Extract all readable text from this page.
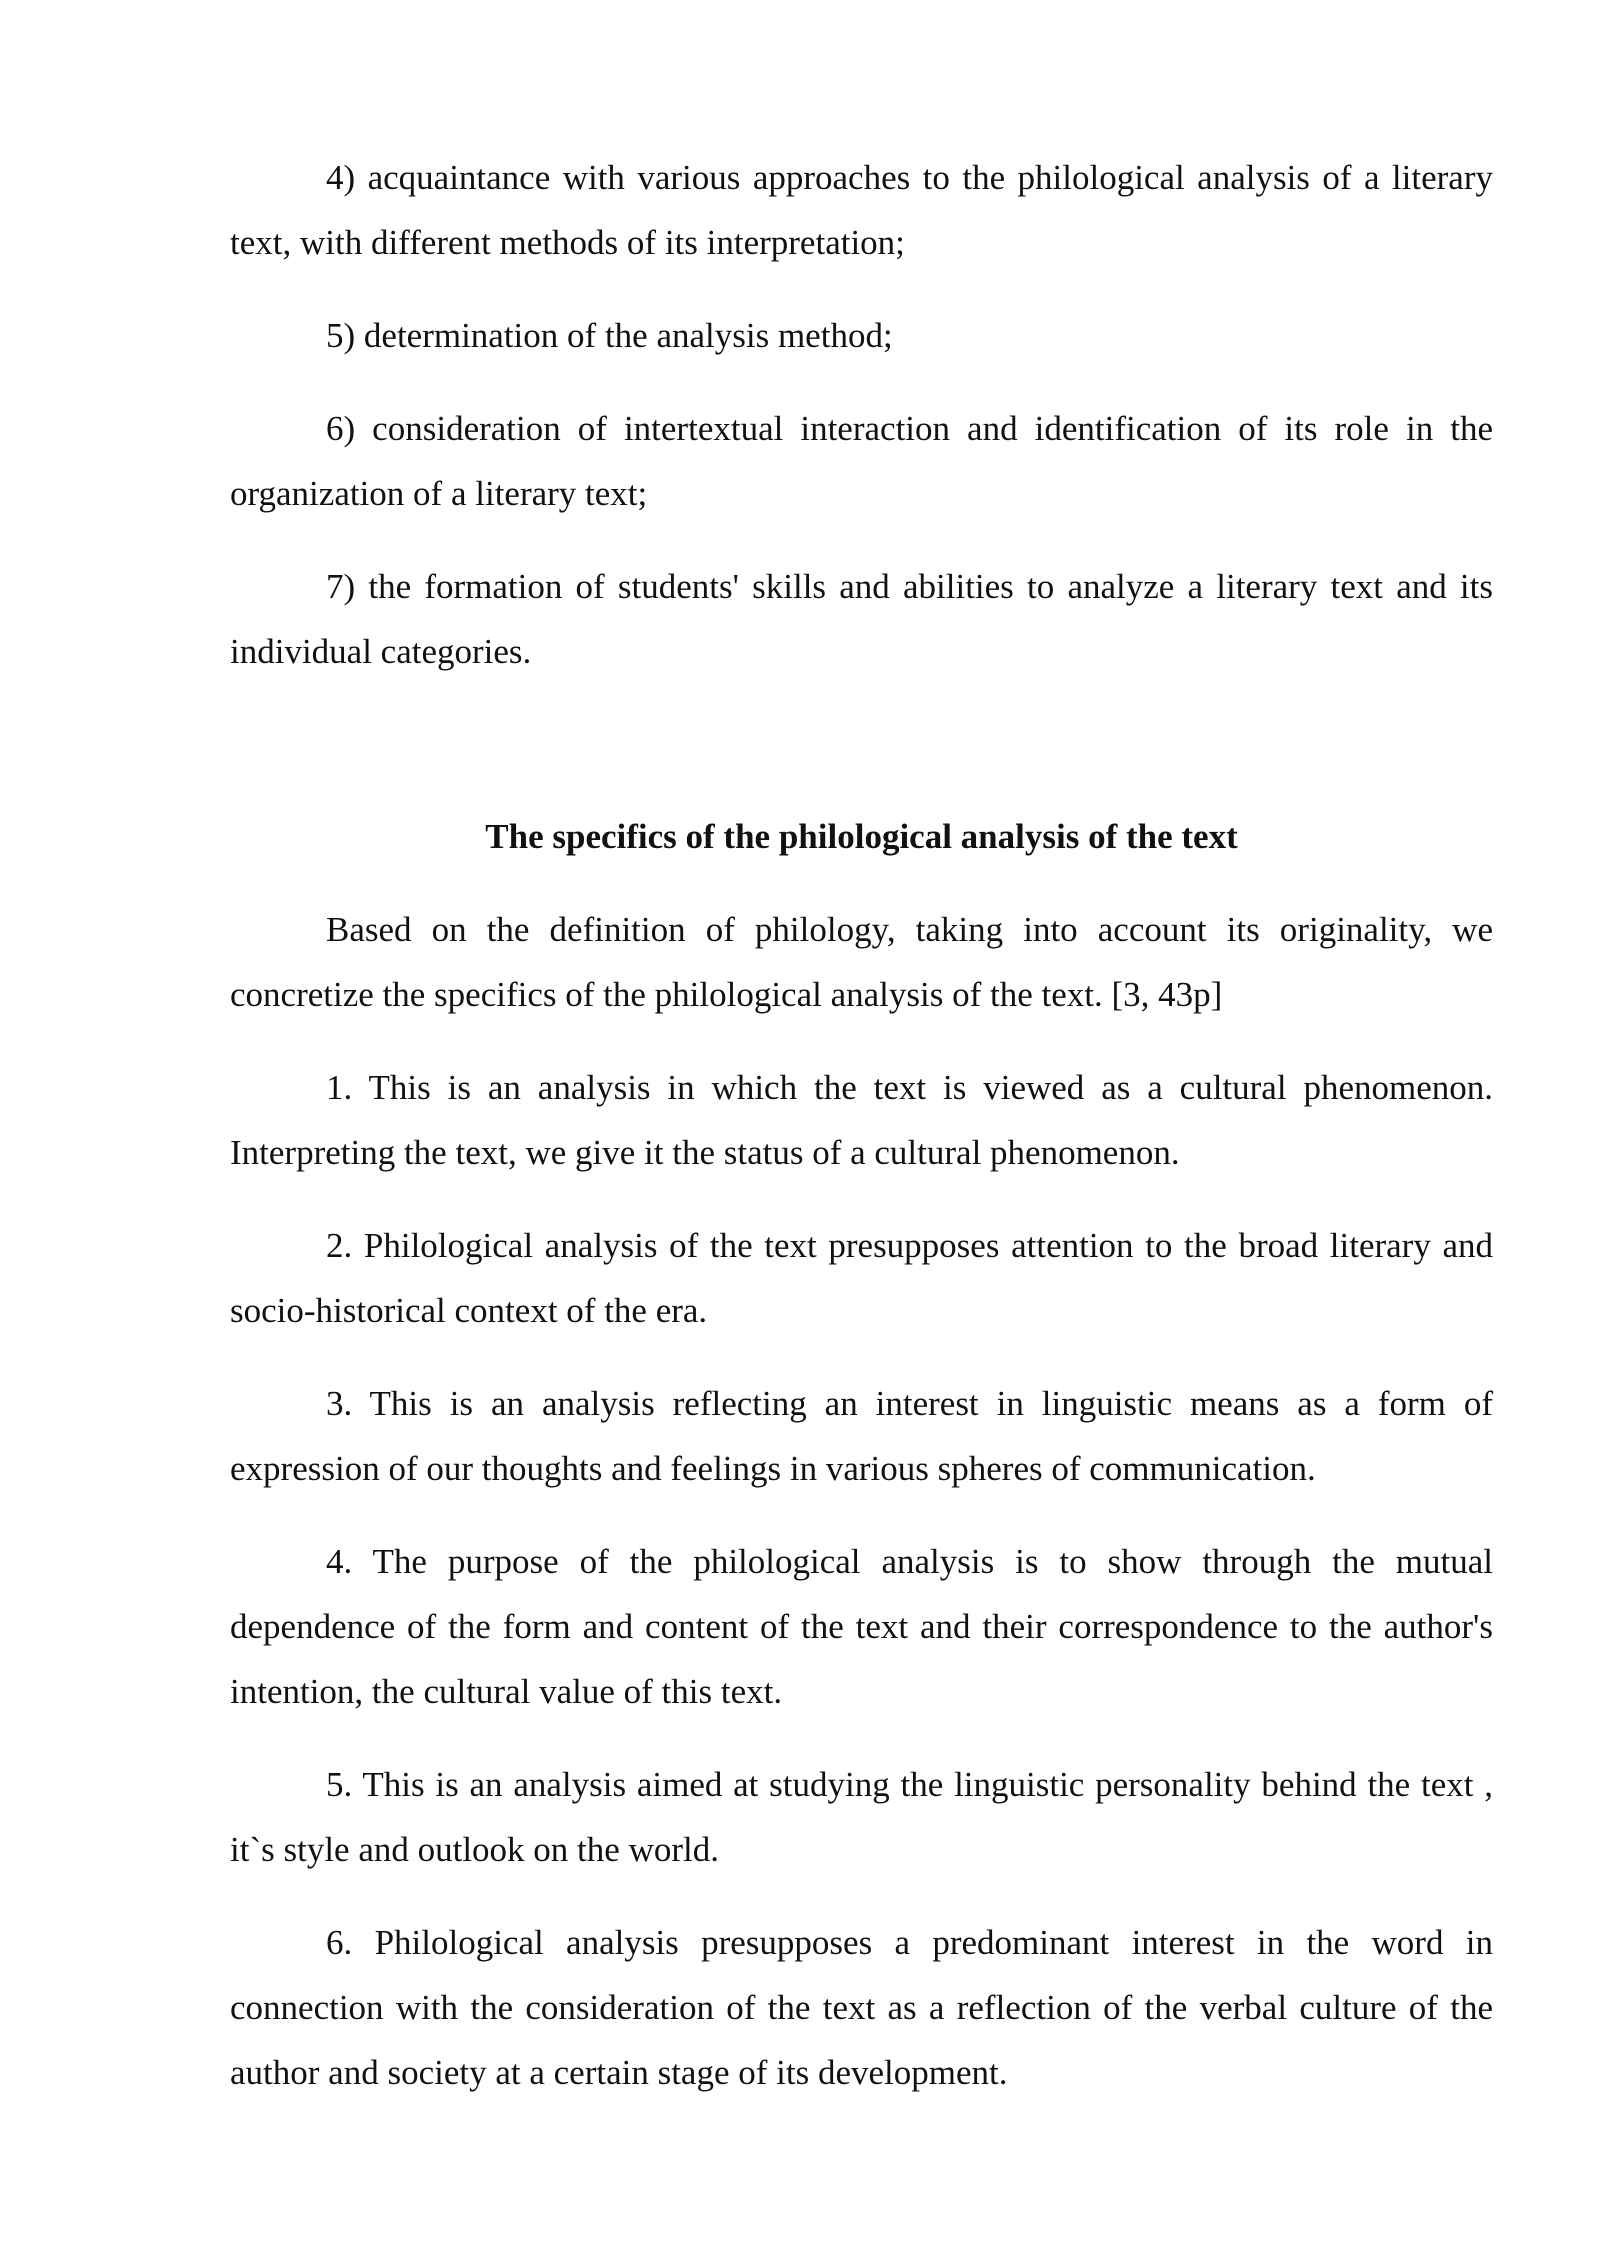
4) acquaintance with various approaches to the philological analysis of a literary text, with different methods of its interpretation;

5) determination of the analysis method;

6) consideration of intertextual interaction and identification of its role in the organization of a literary text;

7) the formation of students' skills and abilities to analyze a literary text and its individual categories.

The specifics of the philological analysis of the text

Based on the definition of philology, taking into account its originality, we concretize the specifics of the philological analysis of the text. [3, 43p]

1. This is an analysis in which the text is viewed as a cultural phenomenon. Interpreting the text, we give it the status of a cultural phenomenon.

2. Philological analysis of the text presupposes attention to the broad literary and socio-historical context of the era.

3. This is an analysis reflecting an interest in linguistic means as a form of expression of our thoughts and feelings in various spheres of communication.

4. The purpose of the philological analysis is to show through the mutual dependence of the form and content of the text and their correspondence to the author's intention, the cultural value of this text.

5. This is an analysis aimed at studying the linguistic personality behind the text , it`s style and outlook on the world.

6. Philological analysis presupposes a predominant interest in the word in connection with the consideration of the text as a reflection of the verbal culture of the author and society at a certain stage of its development.
